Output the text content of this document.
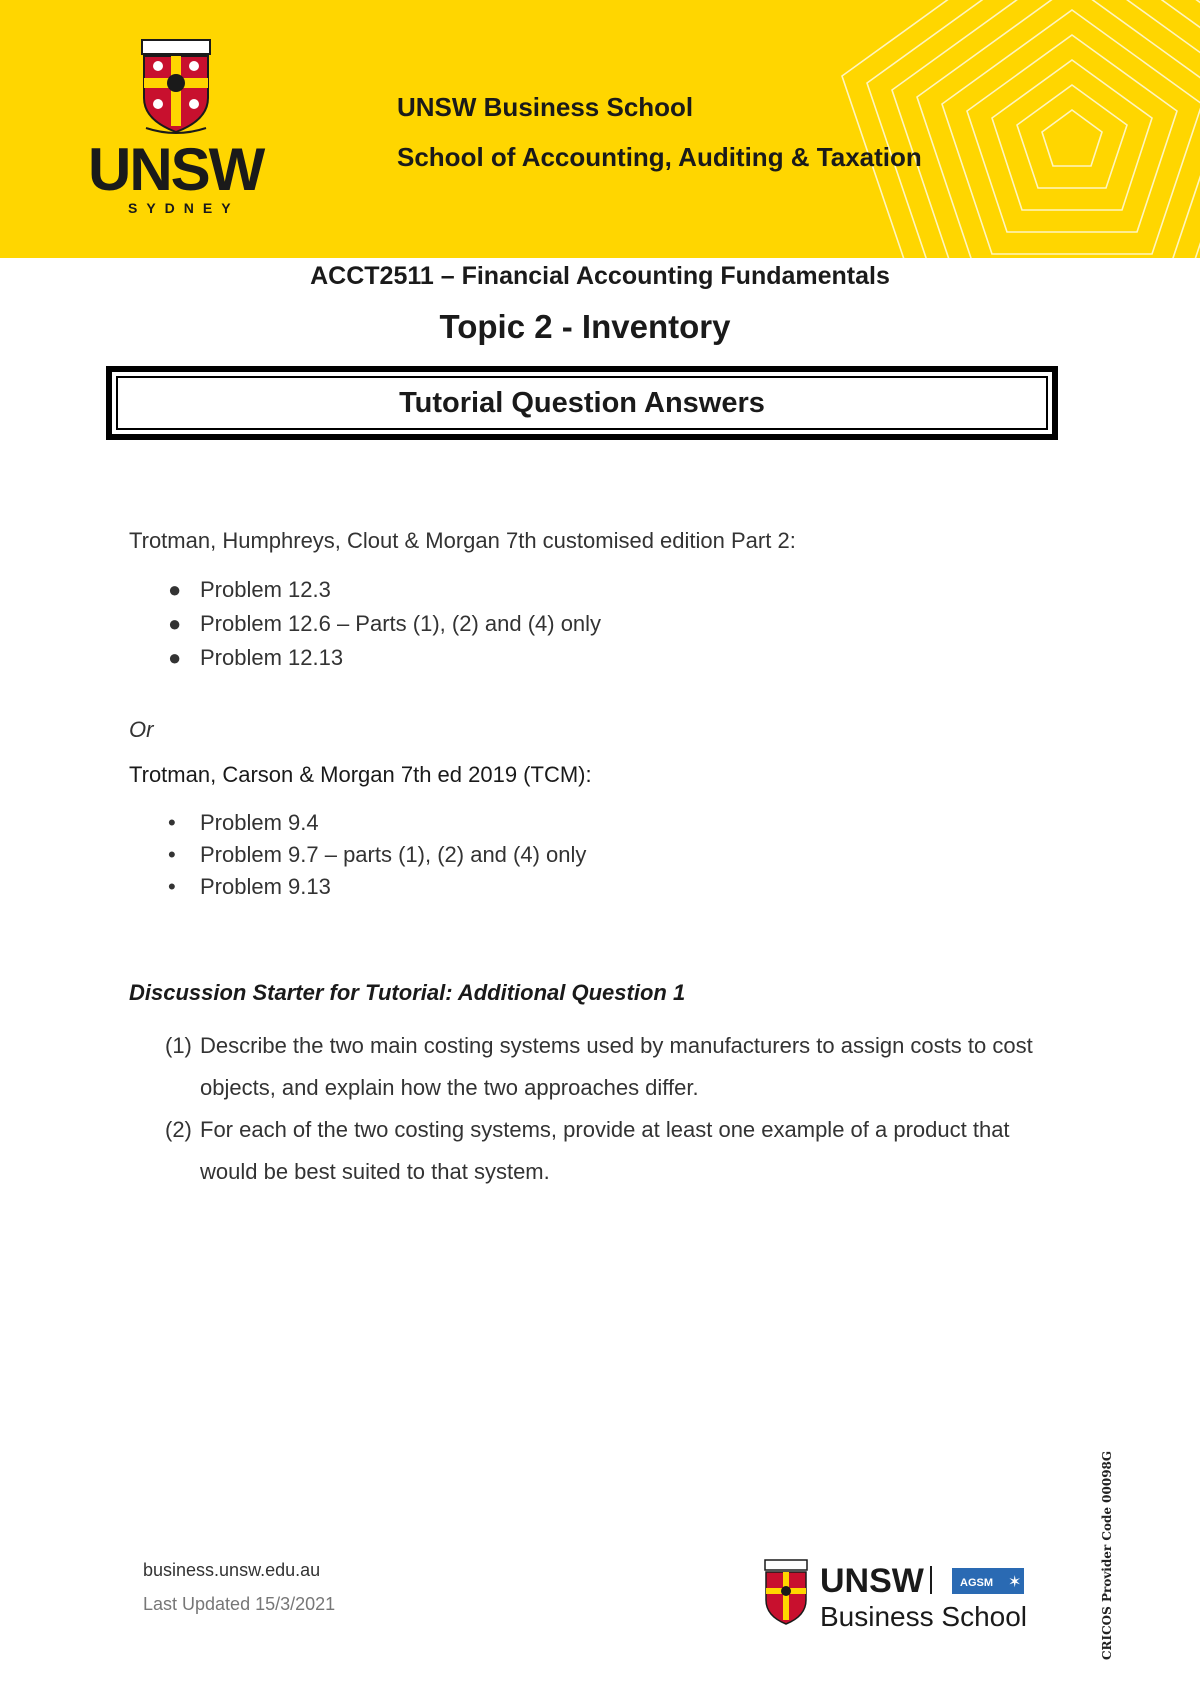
UNSW
SYDNEY
UNSW Business School
School of Accounting, Auditing & Taxation
ACCT2511 – Financial Accounting Fundamentals
Topic 2 - Inventory
Tutorial Question Answers
Trotman, Humphreys, Clout & Morgan 7th customised edition Part 2:
● Problem 12.3
● Problem 12.6 – Parts (1), (2) and (4) only
● Problem 12.13
Or
Trotman, Carson & Morgan 7th ed 2019 (TCM):
• Problem 9.4
• Problem 9.7 – parts (1), (2) and (4) only
• Problem 9.13
Discussion Starter for Tutorial: Additional Question 1
(1) Describe the two main costing systems used by manufacturers to assign costs to cost objects, and explain how the two approaches differ.
(2) For each of the two costing systems, provide at least one example of a product that would be best suited to that system.
business.unsw.edu.au
Last Updated 15/3/2021
UNSW	AGSM ✶
Business School	CRICOS Provider Code 00098G
